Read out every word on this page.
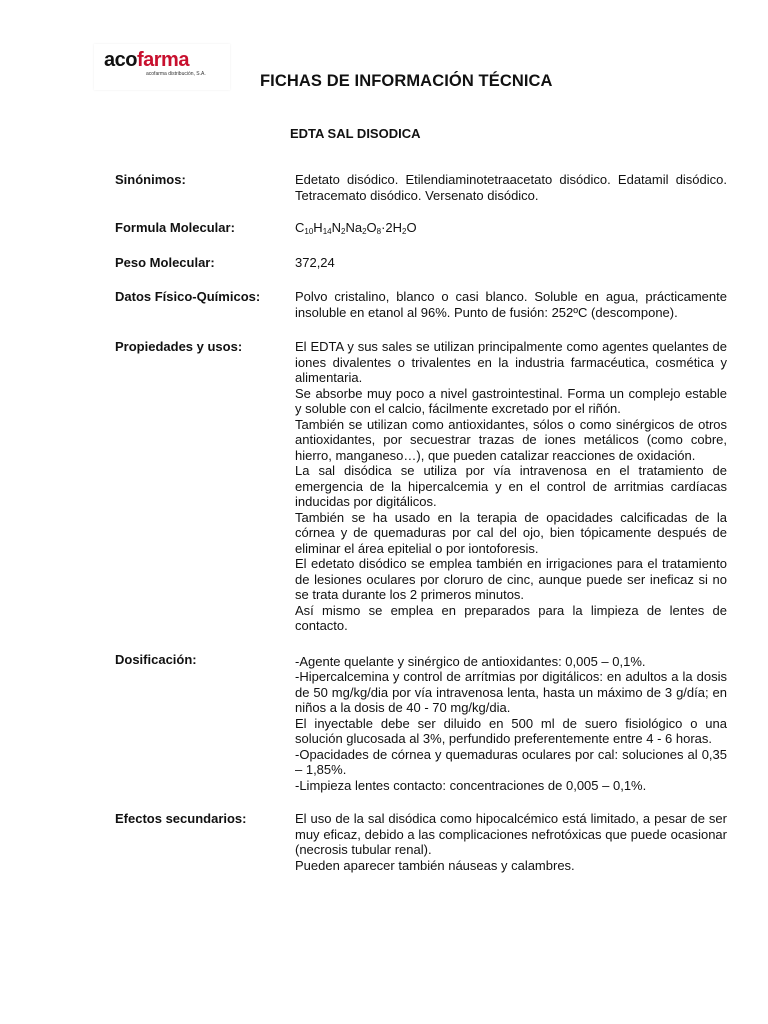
acofarma
acofarma distribución, S.A.	FICHAS DE INFORMACIÓN TÉCNICA
EDTA SAL DISODICA
Sinónimos:	Edetato disódico. Etilendiaminotetraacetato disódico. Edatamil disódico. Tetracemato disódico. Versenato disódico.

Formula Molecular:	$C_{10}H_{14}N_2Na_2O_8\cdot 2H_2O$
Peso Molecular:	372,24

Datos Físico-Químicos:	Polvo cristalino, blanco o casi blanco. Soluble en agua, prácticamente insoluble en etanol al 96%. Punto de fusión: 252ºC (descompone).

Propiedades y usos:	El EDTA y sus sales se utilizan principalmente como agentes quelantes de iones divalentes o trivalentes en la industria farmacéutica, cosmética y alimentaria.

Se absorbe muy poco a nivel gastrointestinal. Forma un complejo estable y soluble con el calcio, fácilmente excretado por el riñón.

También se utilizan como antioxidantes, sólos o como sinérgicos de otros antioxidantes, por secuestrar trazas de iones metálicos (como cobre, hierro, manganeso…), que pueden catalizar reacciones de oxidación.

La sal disódica se utiliza por vía intravenosa en el tratamiento de emergencia de la hipercalcemia y en el control de arritmias cardíacas inducidas por digitálicos.

También se ha usado en la terapia de opacidades calcificadas de la córnea y de quemaduras por cal del ojo, bien tópicamente después de eliminar el área epitelial o por iontoforesis.

El edetato disódico se emplea también en irrigaciones para el tratamiento de lesiones oculares por cloruro de cinc, aunque puede ser ineficaz si no se trata durante los 2 primeros minutos.

Así mismo se emplea en preparados para la limpieza de lentes de contacto.

Dosificación:	-Agente quelante y sinérgico de antioxidantes: 0,005 – 0,1%.

-Hipercalcemina y control de arrítmias por digitálicos: en adultos a la dosis de 50 mg/kg/dia por vía intravenosa lenta, hasta un máximo de 3 g/día; en niños a la dosis de 40 - 70 mg/kg/dia.

El inyectable debe ser diluido en 500 ml de suero fisiológico o una solución glucosada al 3%, perfundido preferentemente entre 4 - 6 horas.

-Opacidades de córnea y quemaduras oculares por cal: soluciones al 0,35 – 1,85%.

-Limpieza lentes contacto: concentraciones de 0,005 – 0,1%.

Efectos secundarios:	El uso de la sal disódica como hipocalcémico está limitado, a pesar de ser muy eficaz, debido a las complicaciones nefrotóxicas que puede ocasionar (necrosis tubular renal).

Pueden aparecer también náuseas y calambres.
